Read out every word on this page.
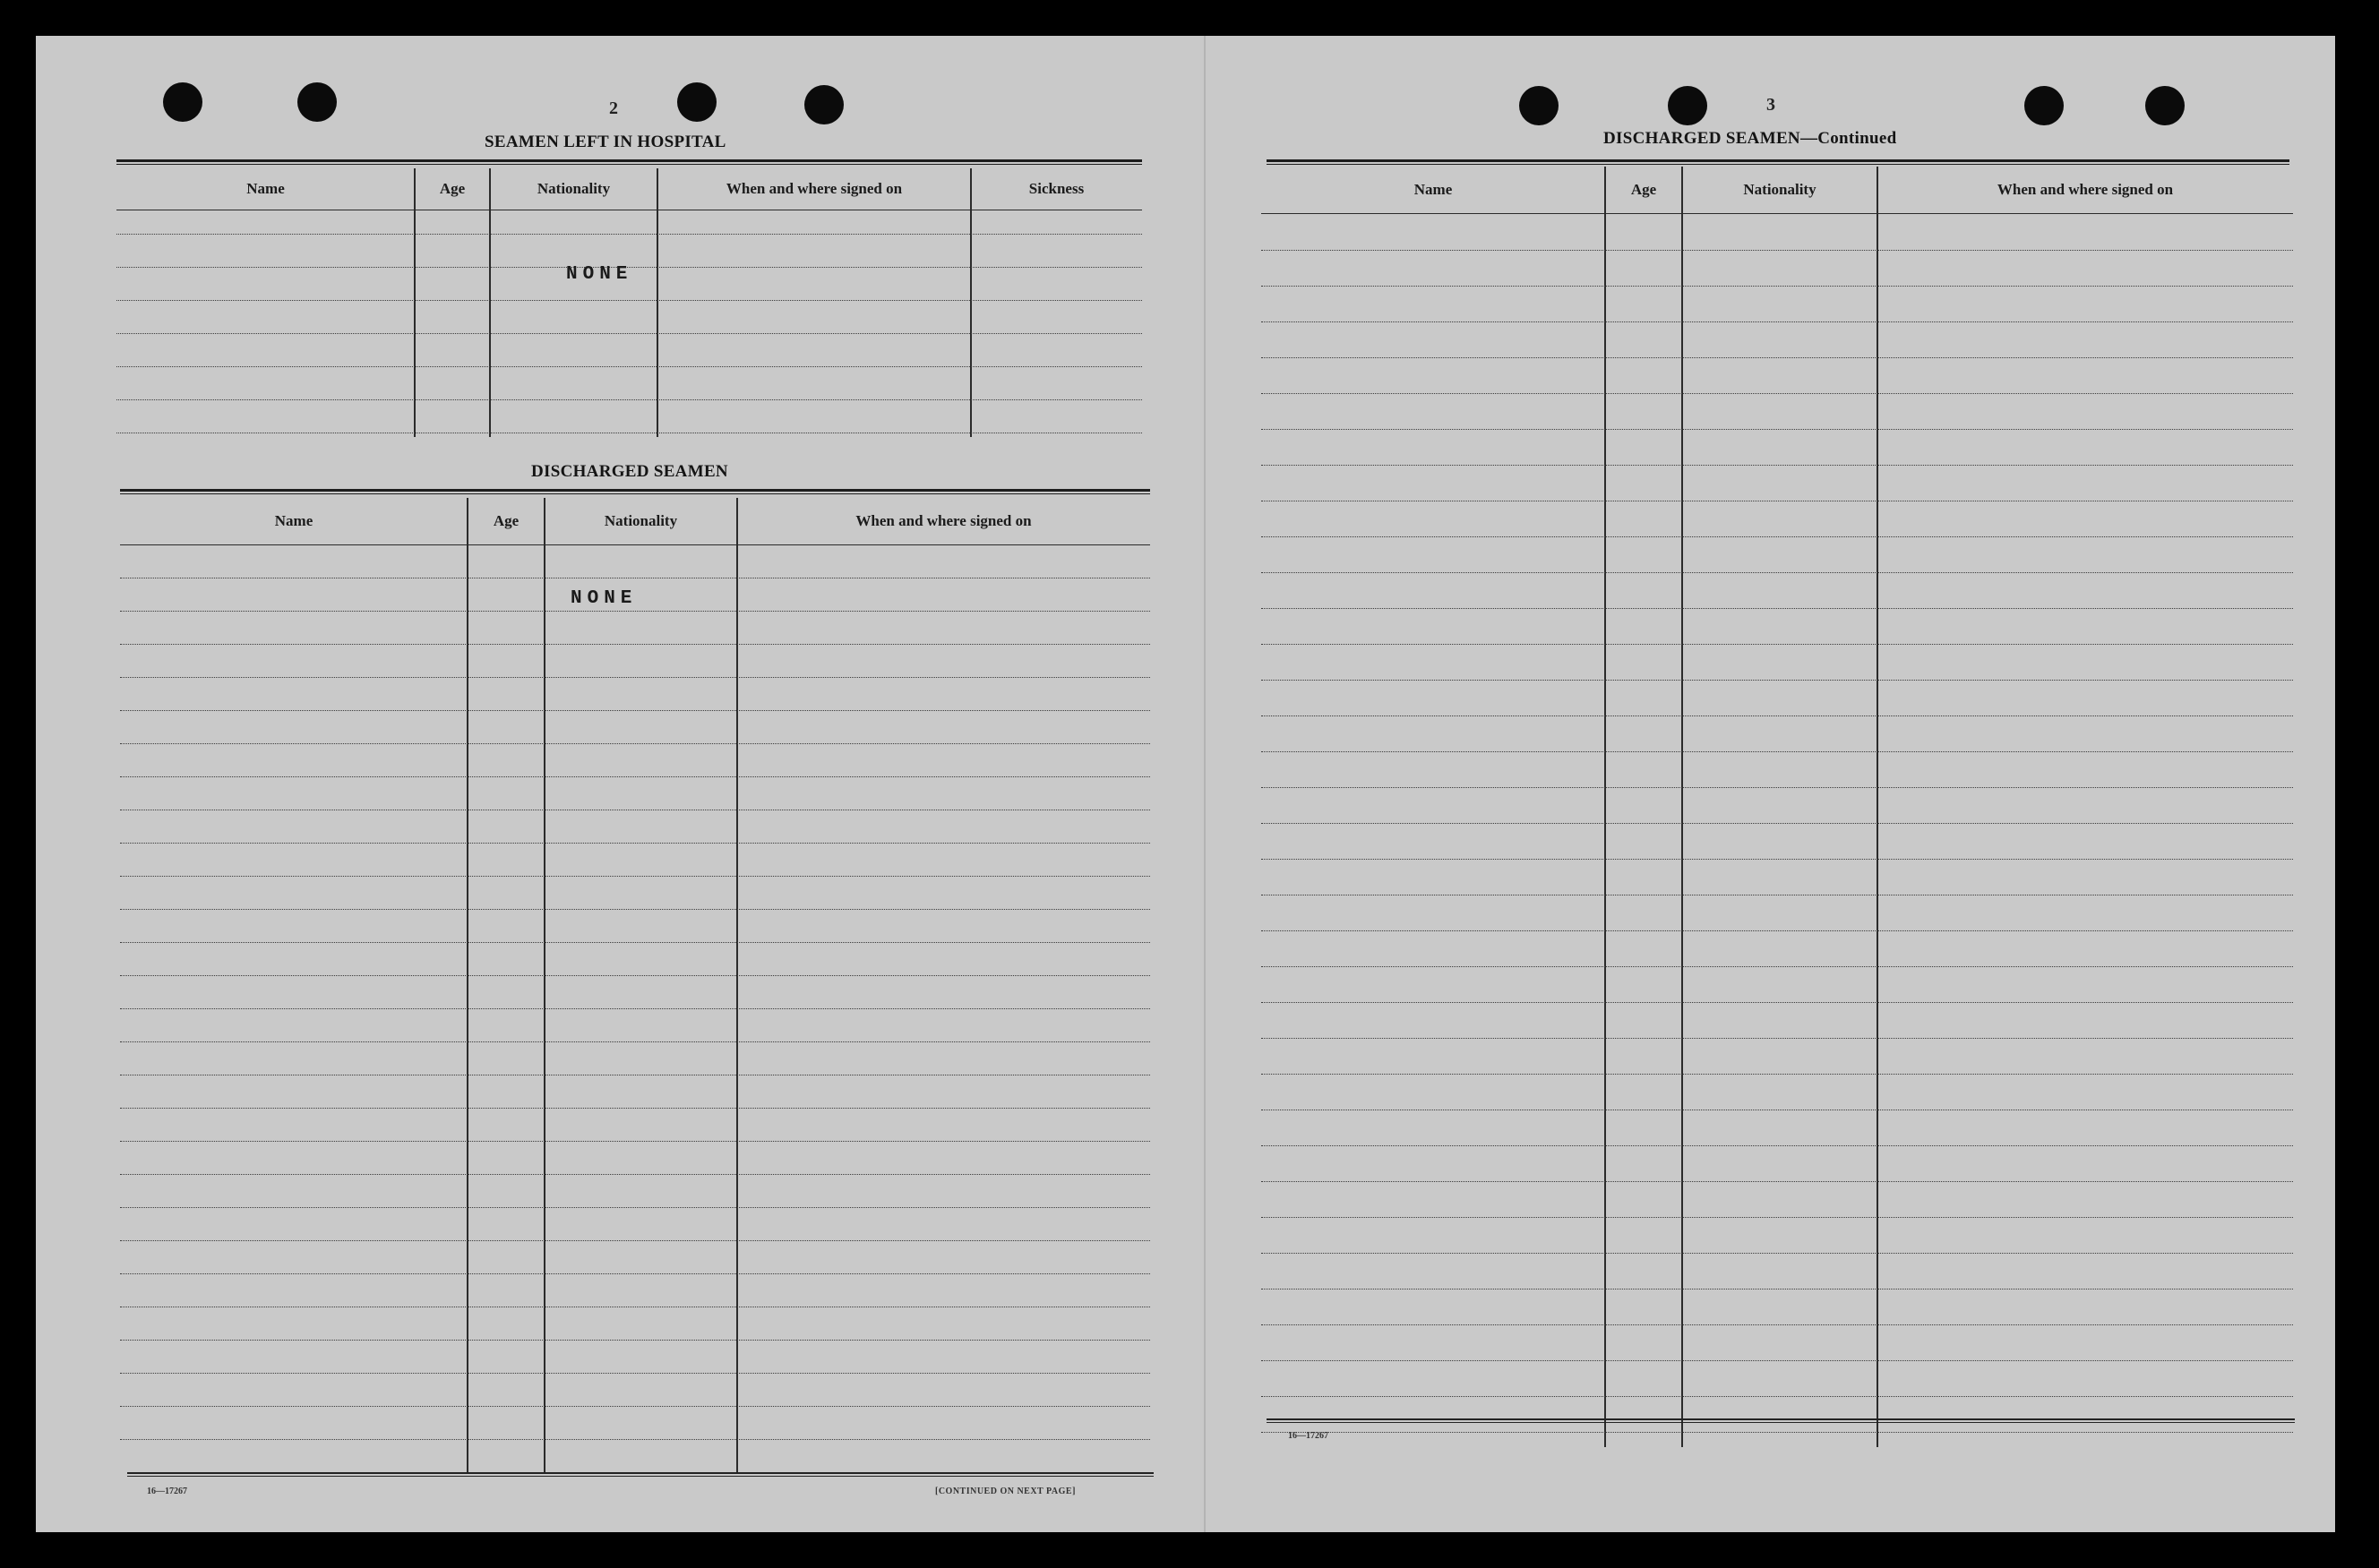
2
SEAMEN LEFT IN HOSPITAL
Name	Age	Nationality	When and where signed on	Sickness
NONE
DISCHARGED SEAMEN
Name	Age	Nationality	When and where signed on
NONE
16—17267	[CONTINUED ON NEXT PAGE]
3
DISCHARGED SEAMEN—Continued
Name	Age	Nationality	When and where signed on
16—17267
